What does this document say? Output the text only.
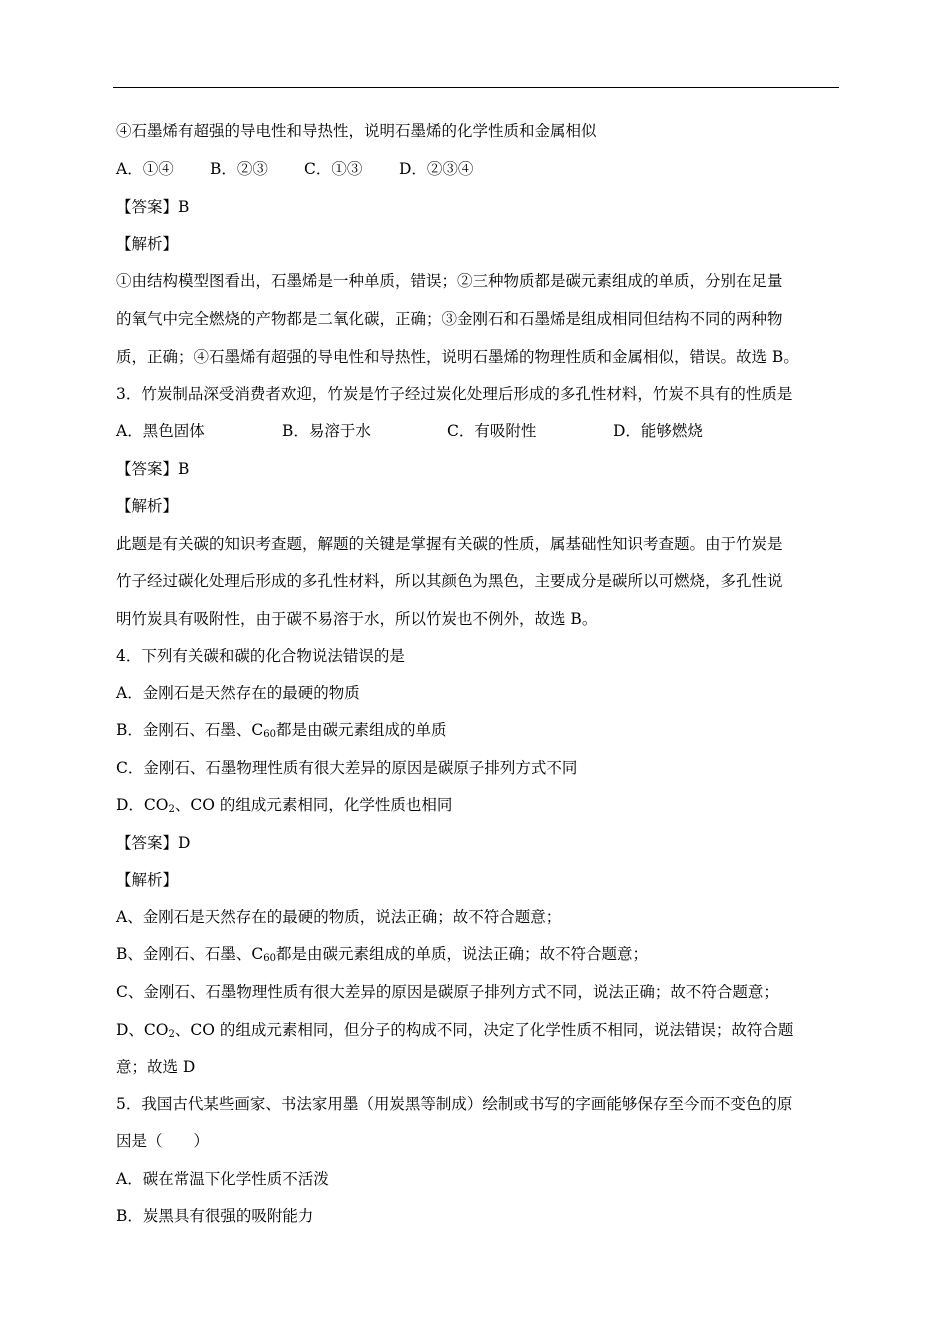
④石墨烯有超强的导电性和导热性，说明石墨烯的化学性质和金属相似
A．①④	B．②③	C．①③	D．②③④
【答案】B
【解析】
①由结构模型图看出，石墨烯是一种单质，错误；②三种物质都是碳元素组成的单质，分别在足量
的氧气中完全燃烧的产物都是二氧化碳，正确；③金刚石和石墨烯是组成相同但结构不同的两种物
质，正确；④石墨烯有超强的导电性和导热性，说明石墨烯的物理性质和金属相似，错误。故选 B。
3．竹炭制品深受消费者欢迎，竹炭是竹子经过炭化处理后形成的多孔性材料，竹炭不具有的性质是
A．黑色固体	B．易溶于水	C．有吸附性	D．能够燃烧
【答案】B
【解析】
此题是有关碳的知识考查题，解题的关键是掌握有关碳的性质，属基础性知识考查题。由于竹炭是
竹子经过碳化处理后形成的多孔性材料，所以其颜色为黑色，主要成分是碳所以可燃烧，多孔性说
明竹炭具有吸附性，由于碳不易溶于水，所以竹炭也不例外，故选 B。
4．下列有关碳和碳的化合物说法错误的是
A．金刚石是天然存在的最硬的物质
B．金刚石、石墨、$C_{60}$都是由碳元素组成的单质
C．金刚石、石墨物理性质有很大差异的原因是碳原子排列方式不同
D．$CO_2$、CO 的组成元素相同，化学性质也相同
【答案】D
【解析】
A、金刚石是天然存在的最硬的物质，说法正确；故不符合题意；
B、金刚石、石墨、$C_{60}$都是由碳元素组成的单质，说法正确；故不符合题意；
C、金刚石、石墨物理性质有很大差异的原因是碳原子排列方式不同，说法正确；故不符合题意；
D、$CO_2$、CO 的组成元素相同，但分子的构成不同，决定了化学性质不相同，说法错误；故符合题
意；故选 D
5．我国古代某些画家、书法家用墨（用炭黑等制成）绘制或书写的字画能够保存至今而不变色的原
因是（　　）
A．碳在常温下化学性质不活泼
B．炭黑具有很强的吸附能力
